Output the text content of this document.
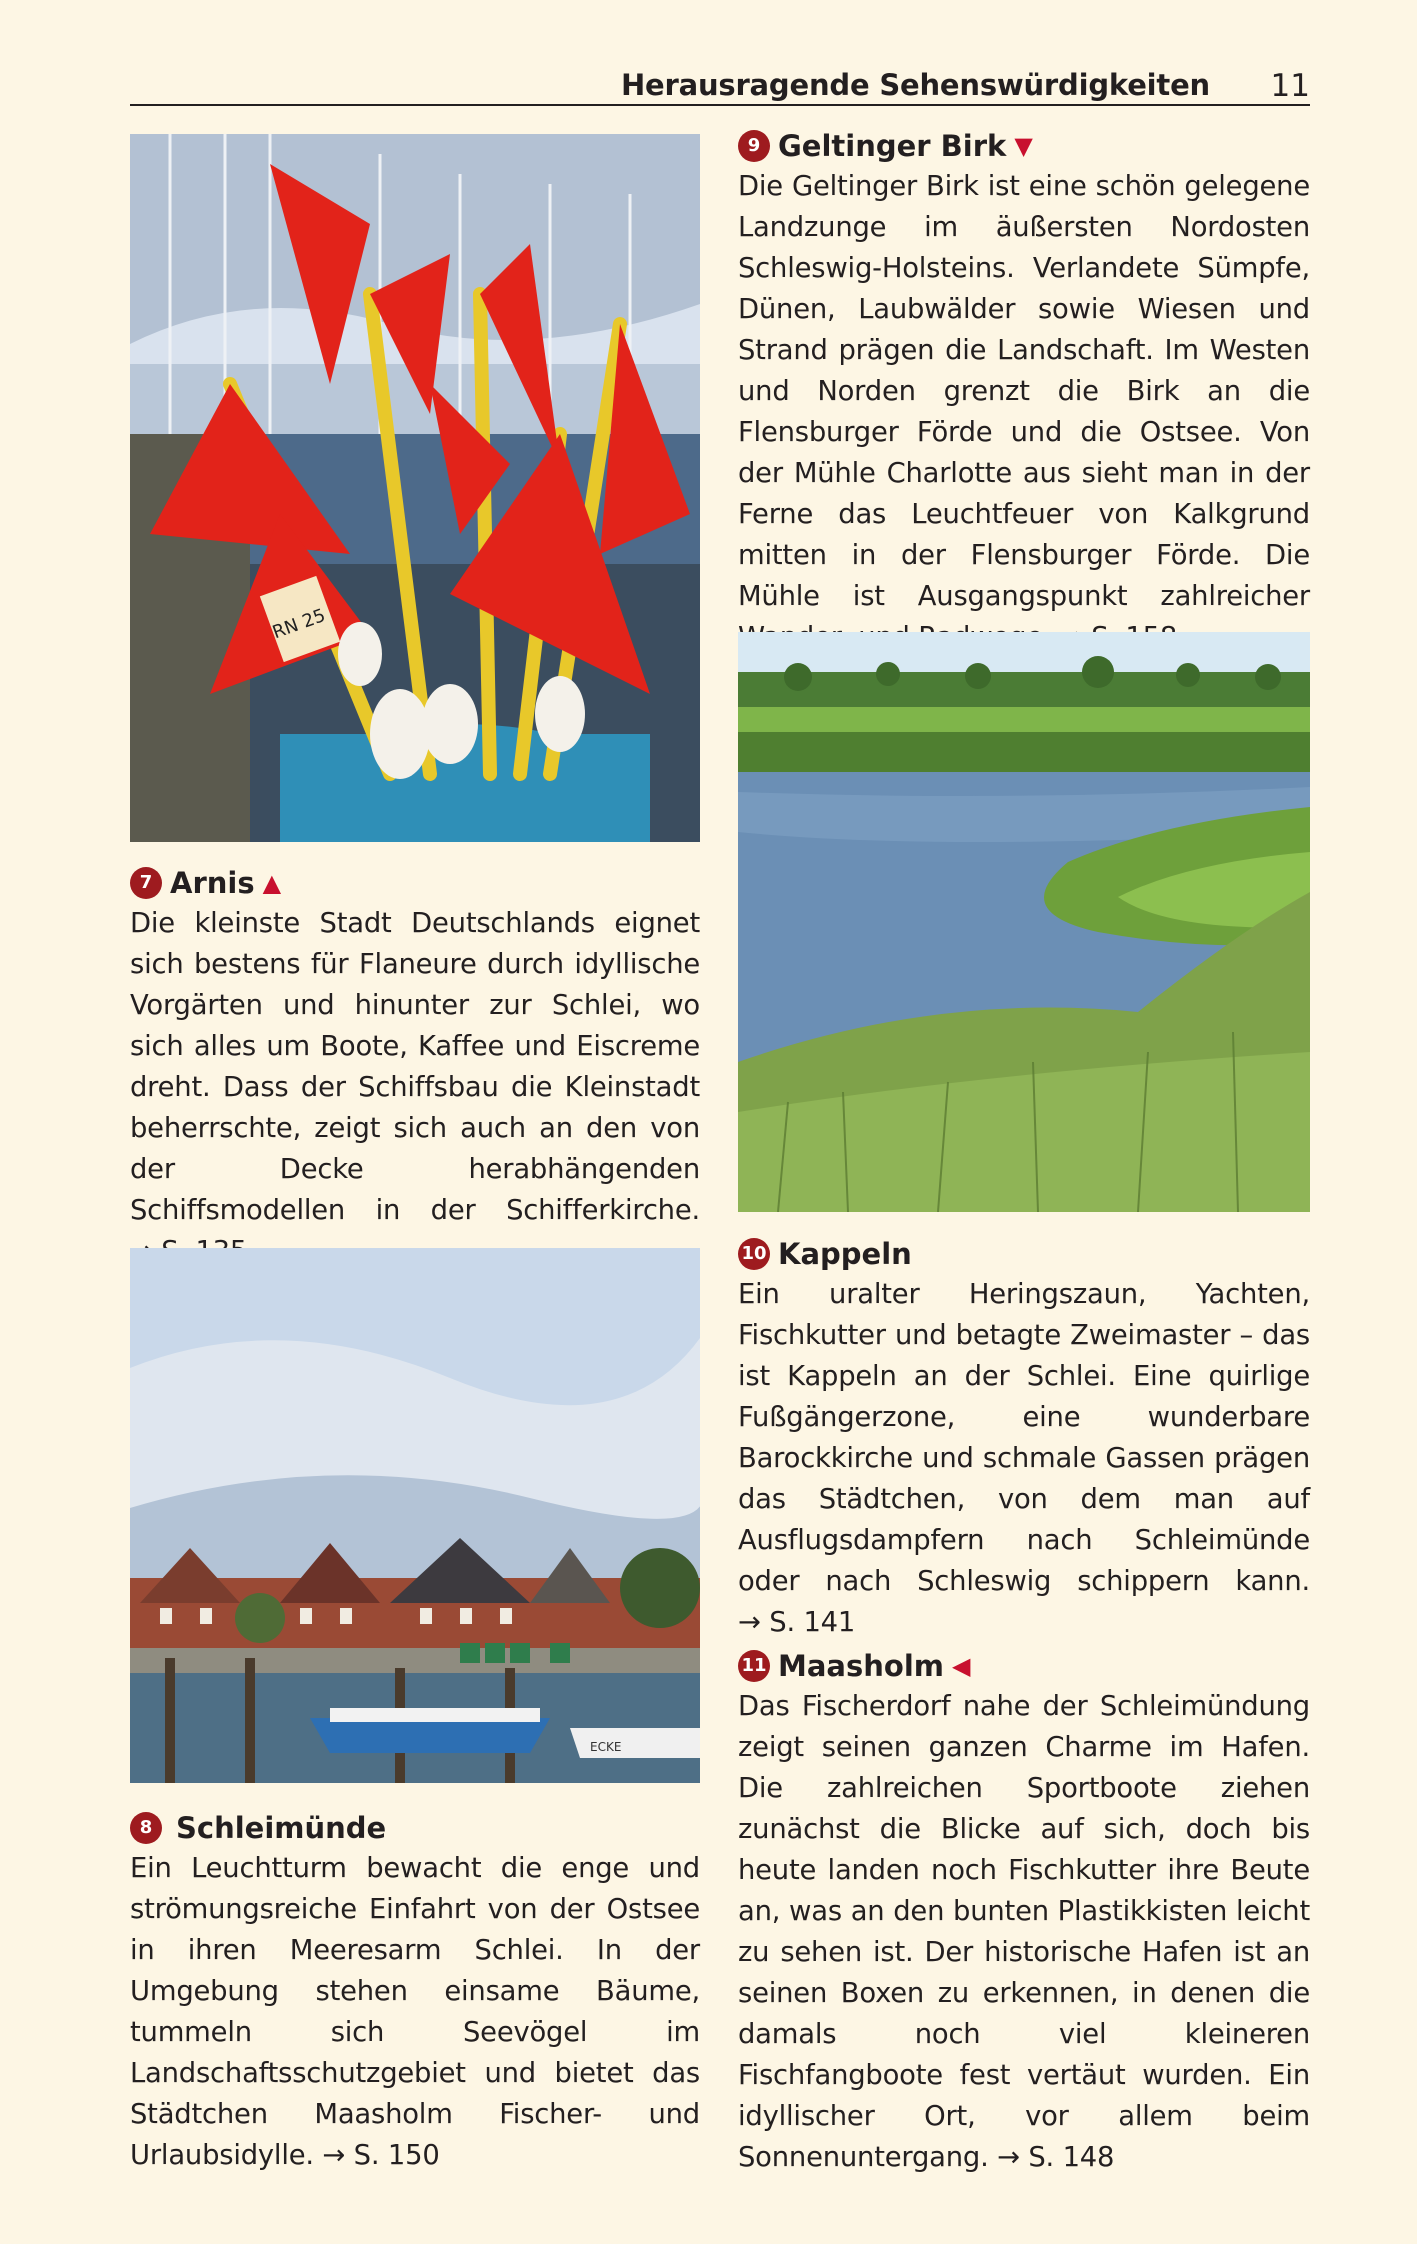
Herausragende Sehenswürdigkeiten 11
RN 25
7 Arnis ▲

Die kleinste Stadt Deutschlands eignet sich bestens für Flaneure durch idyllische Vorgärten und hinunter zur Schlei, wo sich alles um Boote, Kaffee und Eiscreme dreht. Dass der Schiffsbau die Kleinstadt beherrschte, zeigt sich auch an den von der Decke herabhängenden Schiffsmodellen in der Schifferkirche.

ECKE
8 Schleimünde

Ein Leuchtturm bewacht die enge und strömungsreiche Einfahrt von der Ostsee in ihren Meeresarm Schlei. In der Umgebung stehen einsame Bäume, tummeln sich Seevögel im Landschaftsschutzgebiet und bietet das Städtchen Maasholm Fischer- und Urlaubsidylle. → S. 150

9 Geltinger Birk ▼

Die Geltinger Birk ist eine schön gelegene Landzunge im äußersten Nordosten Schleswig-Holsteins. Verlandete Sümpfe, Dünen, Laubwälder sowie Wiesen und Strand prägen die Landschaft. Im Westen und Norden grenzt die Birk an die Flensburger Förde und die Ostsee. Von der Mühle Charlotte aus sieht man in der Ferne das Leuchtfeuer von Kalkgrund mitten in der Flensburger Förde. Die Mühle ist Ausgangspunkt zahlreicher

10 Kappeln

Ein uralter Heringszaun, Yachten, Fischkutter und betagte Zweimaster – das ist Kappeln an der Schlei. Eine quirlige Fußgängerzone, eine wunderbare Barockkirche und schmale Gassen prägen das Städtchen, von dem man auf Ausflugsdampfern nach Schleimünde oder nach Schleswig schippern kann. → S. 141

11 Maasholm ◀

Das Fischerdorf nahe der Schleimündung zeigt seinen ganzen Charme im Hafen. Die zahlreichen Sportboote ziehen zunächst die Blicke auf sich, doch bis heute landen noch Fischkutter ihre Beute an, was an den bunten Plastikkisten leicht zu sehen ist. Der historische Hafen ist an seinen Boxen zu erkennen, in denen die damals noch viel kleineren Fischfangboote fest vertäut wurden. Ein idyllischer Ort, vor allem beim Sonnenuntergang. → S. 148
